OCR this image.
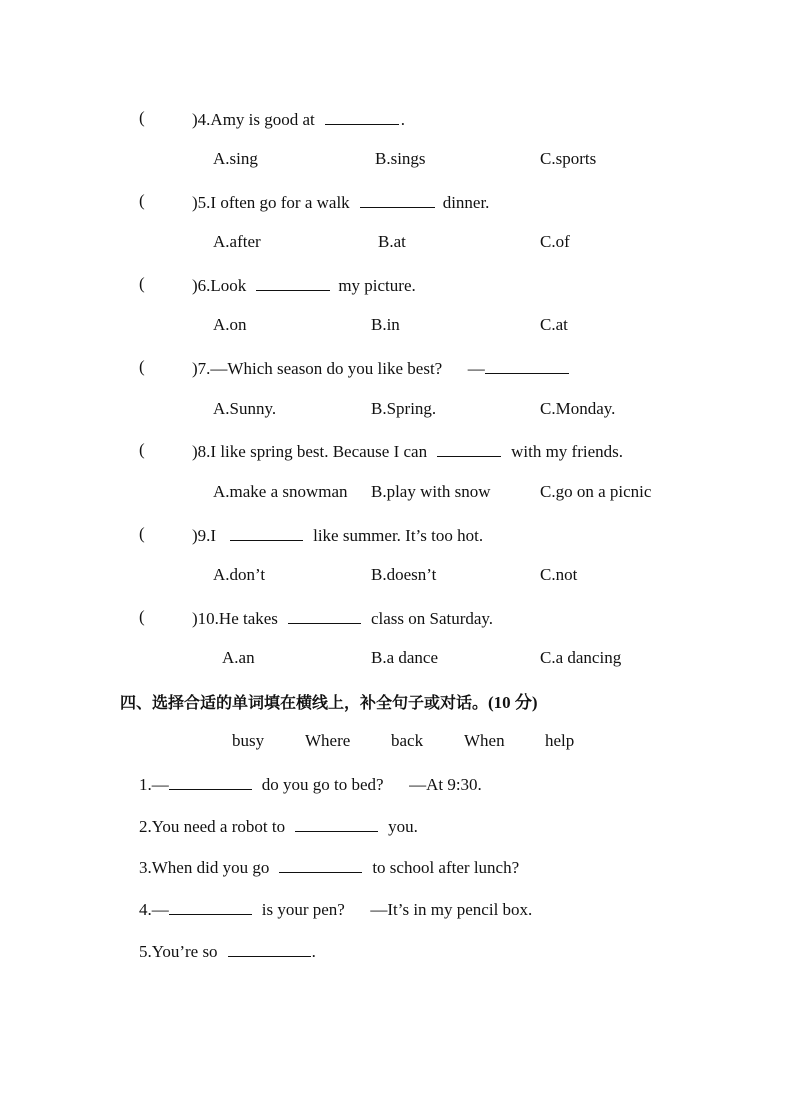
(	)4.Amy is good at	.
A.sing	B.sings	C.sports
(	)5.I often go for a walk	dinner.
A.after	B.at	C.of
(	)6.Look	my picture.
A.on	B.in	C.at
(	)7.—Which season do you like best?      —
A.Sunny.	B.Spring.	C.Monday.
(	)8.I like spring best. Because I can	with my friends.
A.make a snowman B.play with snow	C.go on a picnic
(	)9.I	like summer. It’s too hot.
A.don’t	B.doesn’t	C.not
(	)10.He takes	class on Saturday.
A.an	B.a dance	C.a dancing
四、选择合适的单词填在横线上，补全句子或对话。(10 分)
busy Where back When help
1.—	do you go to bed?      —At 9:30.
2.You need a robot to	you.
3.When did you go	to school after lunch?
4.—	is your pen?      —It’s in my pencil box.
5.You’re so	.
